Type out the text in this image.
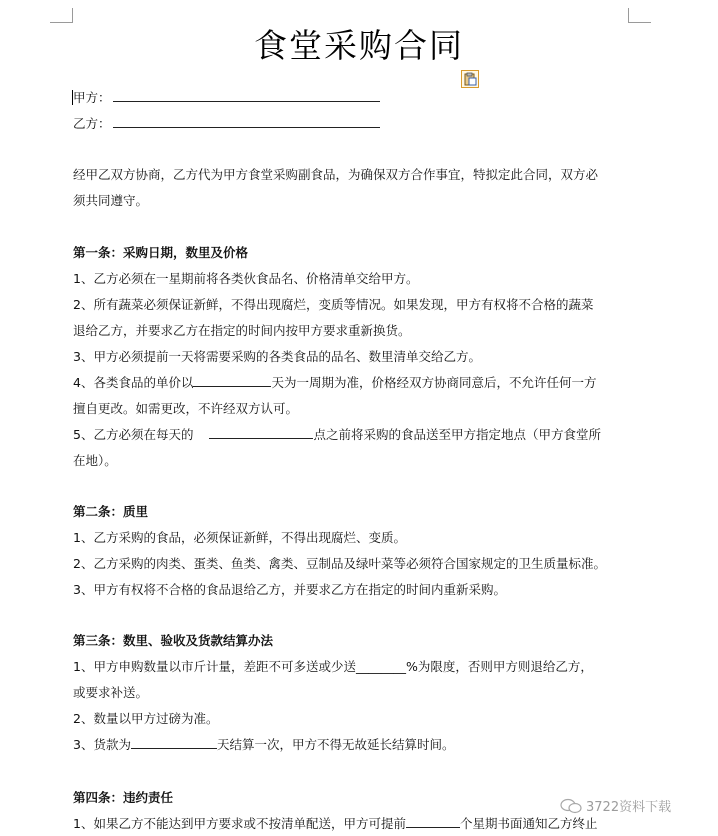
食堂采购合同
甲方：
乙方：
经甲乙双方协商，乙方代为甲方食堂采购副食品，为确保双方合作事宜，特拟定此合同，双方必
须共同遵守。
第一条：采购日期，数里及价格
1、乙方必须在一星期前将各类伙食品名、价格清单交给甲方。
2、所有蔬菜必须保证新鲜，不得出现腐烂，变质等情况。如果发现，甲方有权将不合格的蔬菜
退给乙方，并要求乙方在指定的时间内按甲方要求重新换货。
3、甲方必须提前一天将需要采购的各类食品的品名、数里清单交给乙方。
4、各类食品的单价以	天为一周期为准，价格经双方协商同意后，不允许任何一方
擅自更改。如需更改，不许经双方认可。
5、乙方必须在每天的	点之前将采购的食品送至甲方指定地点（甲方食堂所
在地）。
第二条：质里
1、乙方采购的食品，必须保证新鲜，不得出现腐烂、变质。
2、乙方采购的肉类、蛋类、鱼类、禽类、豆制品及绿叶菜等必须符合国家规定的卫生质量标准。
3、甲方有权将不合格的食品退给乙方，并要求乙方在指定的时间内重新采购。
第三条：数里、验收及货款结算办法
1、甲方申购数量以市斤计量，差距不可多送或少送________%为限度，否则甲方则退给乙方，
或要求补送。
2、数量以甲方过磅为准。
3、货款为	天结算一次，甲方不得无故延长结算时间。
第四条：违约责任
1、如果乙方不能达到甲方要求或不按清单配送，甲方可提前	个星期书面通知乙方终止
3722资料下载
